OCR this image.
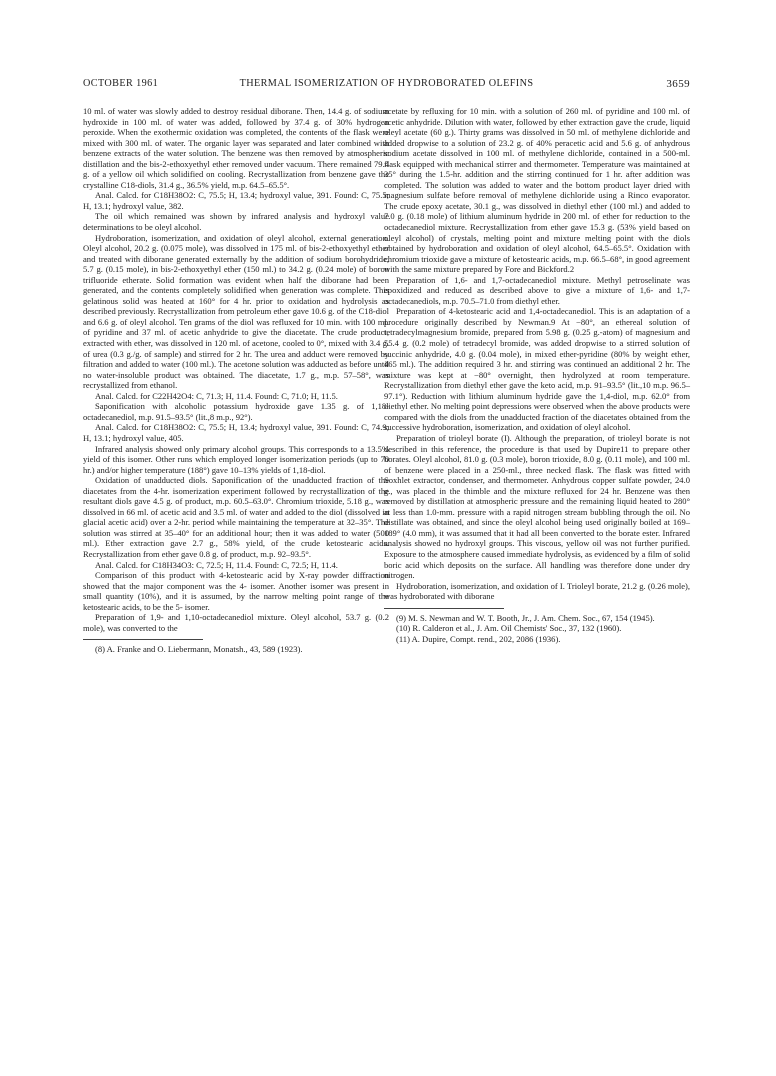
OCTOBER 1961	THERMAL ISOMERIZATION OF HYDROBORATED OLEFINS	3659

10 ml. of water was slowly added to destroy residual diborane. Then, 14.4 g. of sodium hydroxide in 100 ml. of water was added, followed by 37.4 g. of 30% hydrogen peroxide. When the exothermic oxidation was completed, the contents of the flask were mixed with 300 ml. of water. The organic layer was separated and later combined with benzene extracts of the water solution. The benzene was then removed by atmospheric distillation and the bis-2-ethoxyethyl ether removed under vacuum. There remained 79.4 g. of a yellow oil which solidified on cooling. Recrystallization from benzene gave the crystalline C18-diols, 31.4 g., 36.5% yield, m.p. 64.5–65.5°.

Anal. Calcd. for C18H38O2: C, 75.5; H, 13.4; hydroxyl value, 391. Found: C, 75.5; H, 13.1; hydroxyl value, 382.

The oil which remained was shown by infrared analysis and hydroxyl value determinations to be oleyl alcohol.

Hydroboration, isomerization, and oxidation of oleyl alcohol, external generation. Oleyl alcohol, 20.2 g. (0.075 mole), was dissolved in 175 ml. of bis-2-ethoxyethyl ether and treated with diborane generated externally by the addition of sodium borohydride, 5.7 g. (0.15 mole), in bis-2-ethoxyethyl ether (150 ml.) to 34.2 g. (0.24 mole) of boron trifluoride etherate. Solid formation was evident when half the diborane had been generated, and the contents completely solidified when generation was complete. This gelatinous solid was heated at 160° for 4 hr. prior to oxidation and hydrolysis as described previously. Recrystallization from petroleum ether gave 10.6 g. of the C18-diol and 6.6 g. of oleyl alcohol. Ten grams of the diol was refluxed for 10 min. with 100 ml. of pyridine and 37 ml. of acetic anhydride to give the diacetate. The crude product, extracted with ether, was dissolved in 120 ml. of acetone, cooled to 0°, mixed with 3.4 g. of urea (0.3 g./g. of sample) and stirred for 2 hr. The urea and adduct were removed by filtration and added to water (100 ml.). The acetone solution was adducted as before until no water-insoluble product was obtained. The diacetate, 1.7 g., m.p. 57–58°, was recrystallized from ethanol.

Anal. Calcd. for C22H42O4: C, 71.3; H, 11.4. Found: C, 71.0; H, 11.5.

Saponification with alcoholic potassium hydroxide gave 1.35 g. of 1,18-octadecanediol, m.p. 91.5–93.5° (lit.,8 m.p., 92°).

Anal. Calcd. for C18H38O2: C, 75.5; H, 13.4; hydroxyl value, 391. Found: C, 74.9; H, 13.1; hydroxyl value, 405.

Infrared analysis showed only primary alcohol groups. This corresponds to a 13.5% yield of this isomer. Other runs which employed longer isomerization periods (up to 70 hr.) and/or higher temperature (188°) gave 10–13% yields of 1,18-diol.

Oxidation of unadducted diols. Saponification of the unadducted fraction of the diacetates from the 4-hr. isomerization experiment followed by recrystallization of the resultant diols gave 4.5 g. of product, m.p. 60.5–63.0°. Chromium trioxide, 5.18 g., was dissolved in 66 ml. of acetic acid and 3.5 ml. of water and added to the diol (dissolved in glacial acetic acid) over a 2-hr. period while maintaining the temperature at 32–35°. The solution was stirred at 35–40° for an additional hour; then it was added to water (500 ml.). Ether extraction gave 2.7 g., 58% yield, of the crude ketostearic acids. Recrystallization from ether gave 0.8 g. of product, m.p. 92–93.5°.

Anal. Calcd. for C18H34O3: C, 72.5; H, 11.4. Found: C, 72.5; H, 11.4.

Comparison of this product with 4-ketostearic acid by X-ray powder diffraction showed that the major component was the 4- isomer. Another isomer was present in small quantity (10%), and it is assumed, by the narrow melting point range of the ketostearic acids, to be the 5- isomer.

Preparation of 1,9- and 1,10-octadecanediol mixture. Oleyl alcohol, 53.7 g. (0.2 mole), was converted to the

(8) A. Franke and O. Liebermann, Monatsh., 43, 589 (1923).

acetate by refluxing for 10 min. with a solution of 260 ml. of pyridine and 100 ml. of acetic anhydride. Dilution with water, followed by ether extraction gave the crude, liquid oleyl acetate (60 g.). Thirty grams was dissolved in 50 ml. of methylene dichloride and added dropwise to a solution of 23.2 g. of 40% peracetic acid and 5.6 g. of anhydrous sodium acetate dissolved in 100 ml. of methylene dichloride, contained in a 500-ml. flask equipped with mechanical stirrer and thermometer. Temperature was maintained at 35° during the 1.5-hr. addition and the stirring continued for 1 hr. after addition was completed. The solution was added to water and the bottom product layer dried with magnesium sulfate before removal of methylene dichloride using a Rinco evaporator. The crude epoxy acetate, 30.1 g., was dissolved in diethyl ether (100 ml.) and added to 7.0 g. (0.18 mole) of lithium aluminum hydride in 200 ml. of ether for reduction to the octadecanediol mixture. Recrystallization from ether gave 15.3 g. (53% yield based on oleyl alcohol) of crystals, melting point and mixture melting point with the diols obtained by hydroboration and oxidation of oleyl alcohol, 64.5–65.5°. Oxidation with chromium trioxide gave a mixture of ketostearic acids, m.p. 66.5–68°, in good agreement with the same mixture prepared by Fore and Bickford.2

Preparation of 1,6- and 1,7-octadecanediol mixture. Methyl petroselinate was epoxidized and reduced as described above to give a mixture of 1,6- and 1,7-octadecanediols, m.p. 70.5–71.0 from diethyl ether.

Preparation of 4-ketostearic acid and 1,4-octadecanediol. This is an adaptation of a procedure originally described by Newman.9 At −80°, an ethereal solution of tetradecylmagnesium bromide, prepared from 5.98 g. (0.25 g.-atom) of magnesium and 55.4 g. (0.2 mole) of tetradecyl bromide, was added dropwise to a stirred solution of succinic anhydride, 4.0 g. (0.04 mole), in mixed ether-pyridine (80% by weight ether, 465 ml.). The addition required 3 hr. and stirring was continued an additional 2 hr. The mixture was kept at −80° overnight, then hydrolyzed at room temperature. Recrystallization from diethyl ether gave the keto acid, m.p. 91–93.5° (lit.,10 m.p. 96.5–97.1°). Reduction with lithium aluminum hydride gave the 1,4-diol, m.p. 62.0° from diethyl ether. No melting point depressions were observed when the above products were compared with the diols from the unadducted fraction of the diacetates obtained from the successive hydroboration, isomerization, and oxidation of oleyl alcohol.

Preparation of trioleyl borate (I). Although the preparation, of trioleyl borate is not described in this reference, the procedure is that used by Dupire11 to prepare other borates. Oleyl alcohol, 81.0 g. (0.3 mole), boron trioxide, 8.0 g. (0.11 mole), and 100 ml. of benzene were placed in a 250-ml., three necked flask. The flask was fitted with Soxhlet extractor, condenser, and thermometer. Anhydrous copper sulfate powder, 24.0 g., was placed in the thimble and the mixture refluxed for 24 hr. Benzene was then removed by distillation at atmospheric pressure and the remaining liquid heated to 280° at less than 1.0-mm. pressure with a rapid nitrogen stream bubbling through the oil. No distillate was obtained, and since the oleyl alcohol being used originally boiled at 169–189° (4.0 mm), it was assumed that it had all been converted to the borate ester. Infrared analysis showed no hydroxyl groups. This viscous, yellow oil was not further purified. Exposure to the atmosphere caused immediate hydrolysis, as evidenced by a film of solid boric acid which deposits on the surface. All handling was therefore done under dry nitrogen.

Hydroboration, isomerization, and oxidation of I. Trioleyl borate, 21.2 g. (0.26 mole), was hydroborated with diborane

(9) M. S. Newman and W. T. Booth, Jr., J. Am. Chem. Soc., 67, 154 (1945).

(10) R. Calderon et al., J. Am. Oil Chemists' Soc., 37, 132 (1960).

(11) A. Dupire, Compt. rend., 202, 2086 (1936).
